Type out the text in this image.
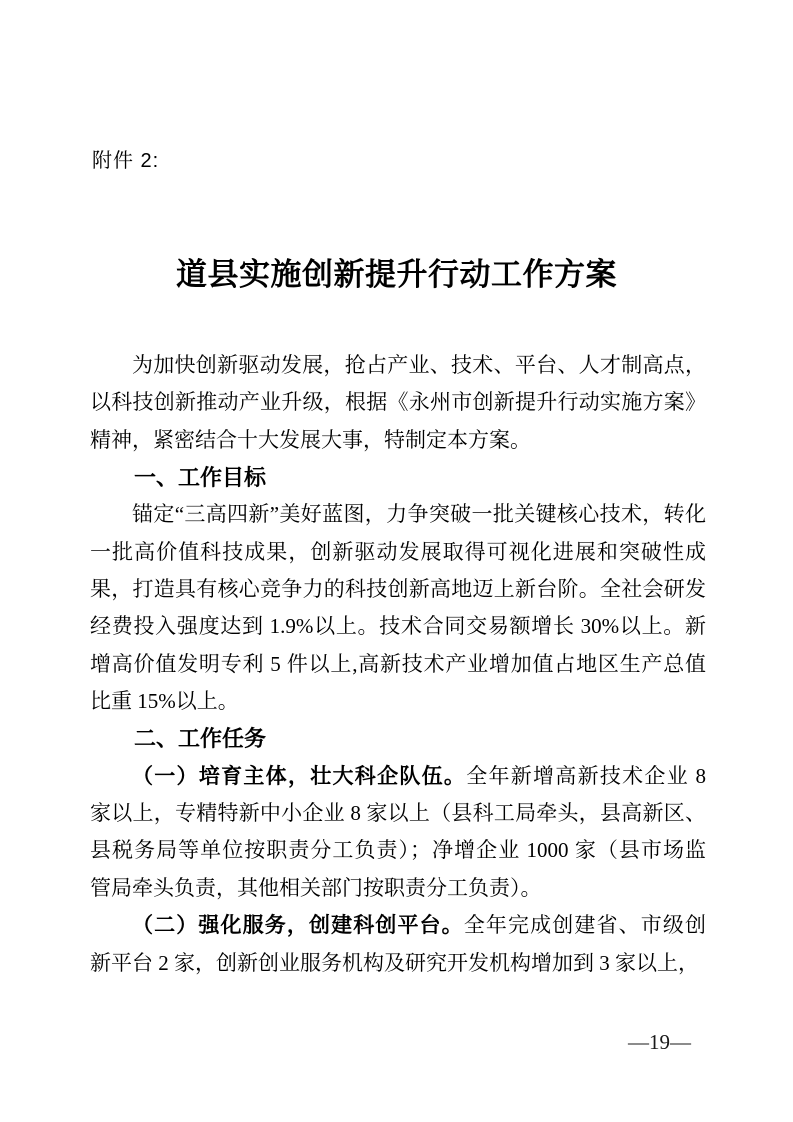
附件 2:
道县实施创新提升行动工作方案
为加快创新驱动发展，抢占产业、技术、平台、人才制高点，
以科技创新推动产业升级，根据《永州市创新提升行动实施方案》
精神，紧密结合十大发展大事，特制定本方案。
一、工作目标
锚定“三高四新”美好蓝图，力争突破一批关键核心技术，转化
一批高价值科技成果，创新驱动发展取得可视化进展和突破性成
果，打造具有核心竞争力的科技创新高地迈上新台阶。全社会研发
经费投入强度达到 1.9%以上。技术合同交易额增长 30%以上。新
增高价值发明专利 5 件以上,高新技术产业增加值占地区生产总值
比重 15%以上。
二、工作任务
（一）培育主体，壮大科企队伍。全年新增高新技术企业 8
家以上，专精特新中小企业 8 家以上（县科工局牵头，县高新区、
县税务局等单位按职责分工负责）；净增企业 1000 家（县市场监
管局牵头负责，其他相关部门按职责分工负责）。
（二）强化服务，创建科创平台。全年完成创建省、市级创
新平台 2 家，创新创业服务机构及研究开发机构增加到 3 家以上，
—19—
